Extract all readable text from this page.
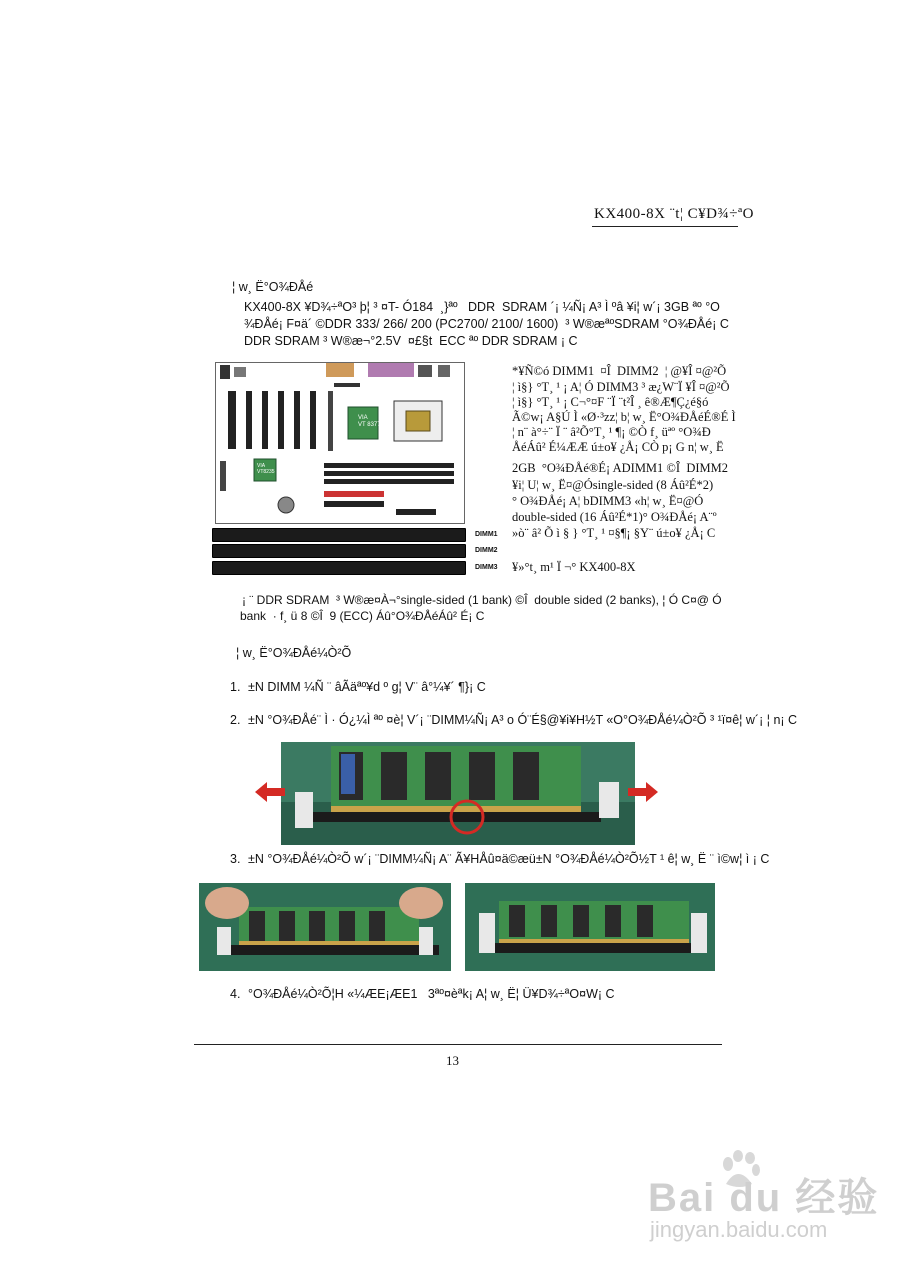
KX400-8X ¨t¦ C¥D¾÷ªO
¦ w¸ Ë°O¾ÐÅé
KX400-8X ¥D¾÷ªO³ þ¦ ³ ¤T- Ó184  ¸}ªº   DDR  SDRAM ´¡ ¼Ñ¡ A³ Ì ºâ ¥i¦ w´¡ 3GB ªº °O
¾ÐÅé¡ F¤ä´ ©DDR 333/ 266/ 200 (PC2700/ 2100/ 1600)  ³ W®æªºSDRAM °O¾ÐÅé¡ C
DDR SDRAM ³ W®æ¬°2.5V  ¤£§t  ECC ªº DDR SDRAM ¡ C
VIA
VT 8377
VIA
VT8235
DIMM1
DIMM2
DIMM3
*¥Ñ©ó DIMM1  ¤Î  DIMM2  ¦ @¥Î ¤@²Õ
¦ ì§} °T¸ ¹ ¡ A¦ Ó DIMM3 ³ æ¿W¨Ï ¥Î ¤@²Õ
¦ ì§} °T¸ ¹ ¡ C¬°¤F ¨Ï ¨t²Î ¸ ê®Æ¶Ç¿é§ó
Ã©w¡ A§Ú Ì «Ø·³zz¦ b¦ w¸ Ë°O¾ÐÅéÉ®É Ì
¦ n¨ à°÷¨ Ï ¨ â²Õ°T¸ ¹ ¶¡ ©Ò f¸ üªº °O¾Ð
ÅéÁû² É¼ÆÆ ú±o¥ ¿Å¡ CÒ p¡ G n¦ w¸ Ë
2GB  °O¾ÐÅé®É¡ ADIMM1 ©Î  DIMM2
¥i¦ U¦ w¸ Ë¤@Ósingle-sided (8 Áû²É*2)
° O¾ÐÅé¡ A¦ bDIMM3 «h¦ w¸ Ë¤@Ó
double-sided (16 Áû²É*1)° O¾ÐÅé¡ A¨º
»ò¨ â² Õ ì § } °T¸ ¹ ¤§¶¡ §Y¨ ú±o¥ ¿Å¡ C
¥»°t¸ m¹ Ï ¬° KX400-8X
¡ ¨ DDR SDRAM  ³ W®æ¤À¬°single-sided (1 bank) ©Î  double sided (2 banks), ¦ Ó C¤@ Ó
bank  · f¸ ü 8 ©Î  9 (ECC) Áû°O¾ÐÅéÁû² É¡ C
¦ w¸ Ë°O¾ÐÅé¼Ò²Õ
1. ±N DIMM ¼Ñ ¨ âÃäªº¥d º g¦ V¨ â°¼¥´ ¶}¡ C
2. ±N °O¾ÐÅé¨ Ì · Ó¿¼Ì ªº ¤è¦ V´¡ ¨DIMM¼Ñ¡ A³ o Ó¨É§@¥i¥H½T «O°O¾ÐÅé¼Ò²Õ ³ ¹ï¤ê¦ w´¡ ¦ n¡ C
3. ±N °O¾ÐÅé¼Ò²Õ w´¡ ¨DIMM¼Ñ¡ A¨ Ã¥HÅû¤ä©æü±N °O¾ÐÅé¼Ò²Õ½T ¹ ê¦ w¸ Ë ¨ ì©w¦ ì ¡ C
4. °O¾ÐÅé¼Ò²Õ¦H «¼ÆE¡ÆE1   3ªº¤èªk¡ A¦ w¸ Ë¦ Ü¥D¾÷ªO¤W¡ C
13
Bai du 经验
jingyan.baidu.com
